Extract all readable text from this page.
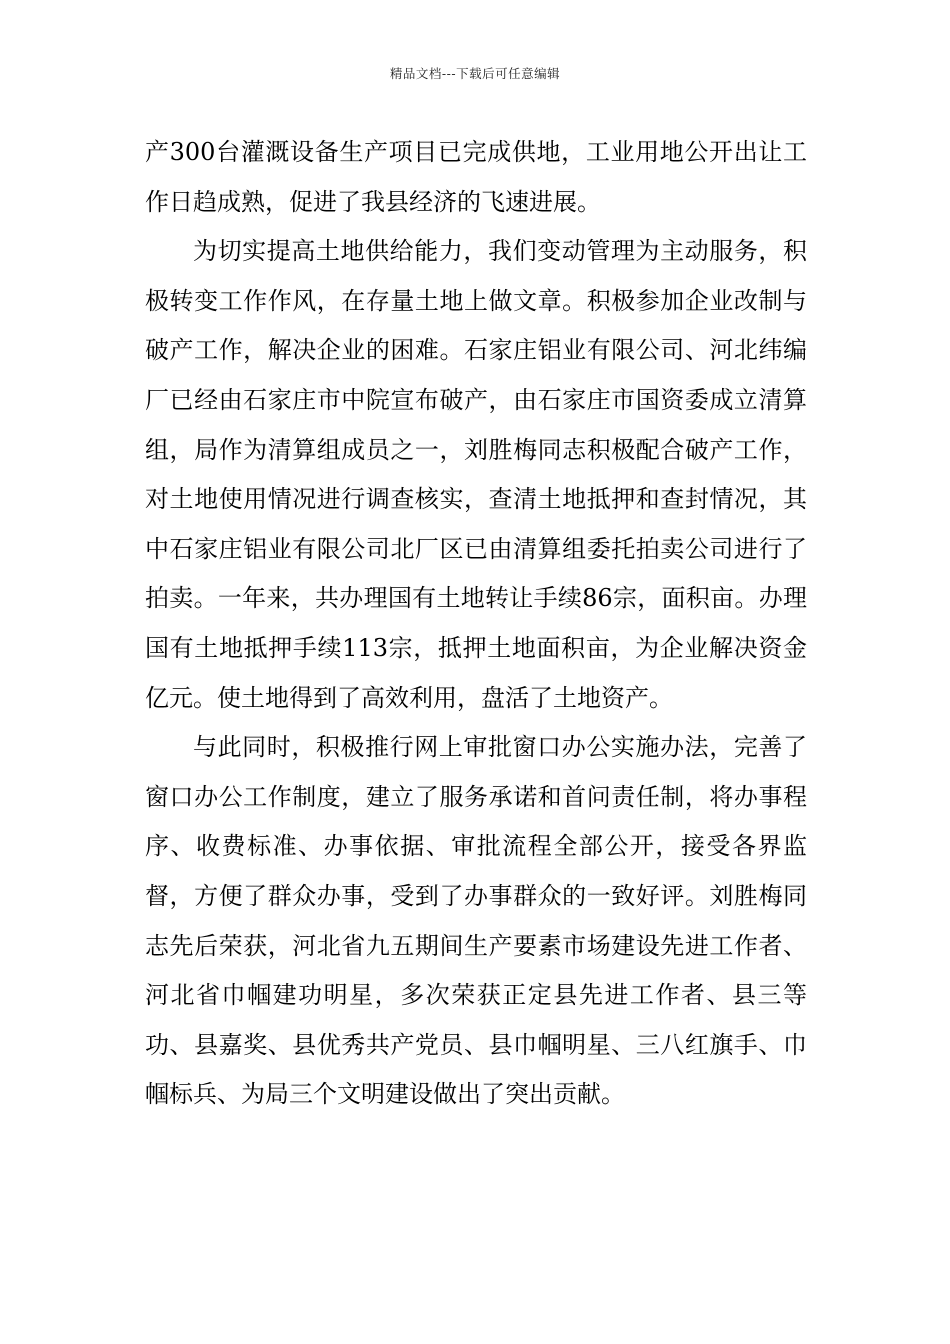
精品文档---下载后可任意编辑

产300台灌溉设备生产项目已完成供地，工业用地公开出让工作日趋成熟，促进了我县经济的飞速进展。

为切实提高土地供给能力，我们变动管理为主动服务，积极转变工作作风，在存量土地上做文章。积极参加企业改制与破产工作，解决企业的困难。石家庄铝业有限公司、河北纬编厂已经由石家庄市中院宣布破产，由石家庄市国资委成立清算组，局作为清算组成员之一，刘胜梅同志积极配合破产工作，对土地使用情况进行调查核实，查清土地抵押和查封情况，其中石家庄铝业有限公司北厂区已由清算组委托拍卖公司进行了拍卖。一年来，共办理国有土地转让手续86宗，面积亩。办理国有土地抵押手续113宗，抵押土地面积亩，为企业解决资金亿元。使土地得到了高效利用，盘活了土地资产。

与此同时，积极推行网上审批窗口办公实施办法，完善了窗口办公工作制度，建立了服务承诺和首问责任制，将办事程序、收费标准、办事依据、审批流程全部公开，接受各界监督，方便了群众办事，受到了办事群众的一致好评。刘胜梅同志先后荣获，河北省九五期间生产要素市场建设先进工作者、河北省巾帼建功明星，多次荣获正定县先进工作者、县三等功、县嘉奖、县优秀共产党员、县巾帼明星、三八红旗手、巾帼标兵、为局三个文明建设做出了突出贡献。
